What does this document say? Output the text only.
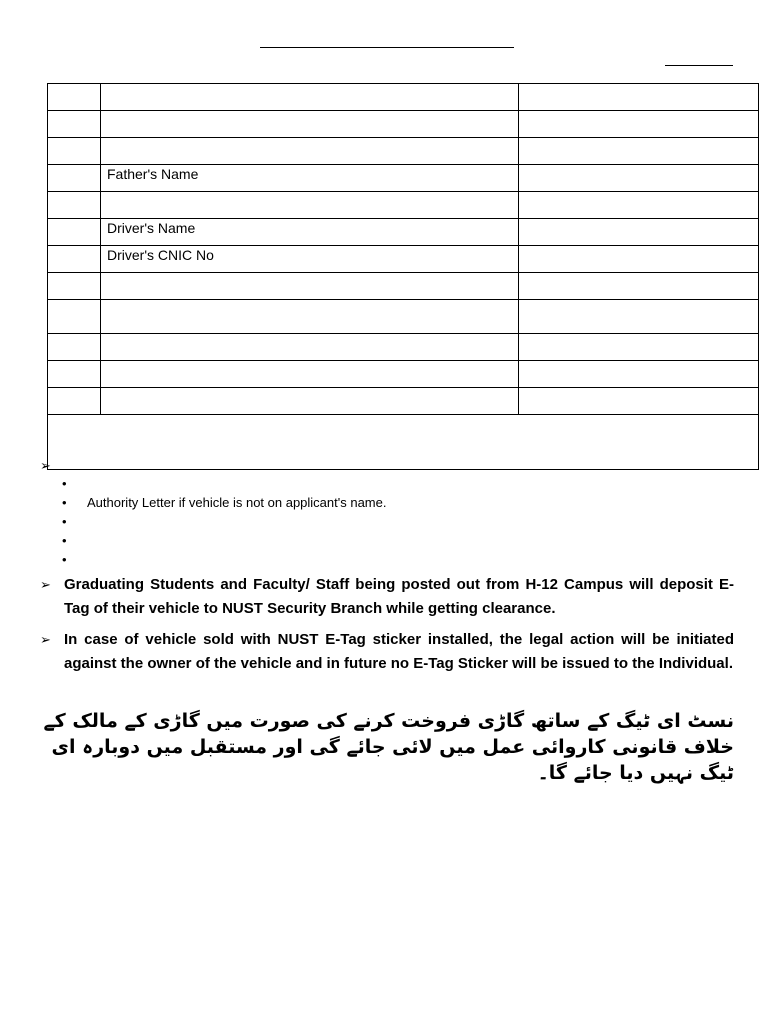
	Father's Name	

	Driver's Name	
	Driver's CNIC No	

➢
•
• Authority Letter if vehicle is not on applicant's name.
•
•
•
➢ Graduating Students and Faculty/ Staff being posted out from H-12 Campus will deposit E-Tag of their vehicle to NUST Security Branch while getting clearance.
➢ In case of vehicle sold with NUST E-Tag sticker installed, the legal action will be initiated against the owner of the vehicle and in future no E-Tag Sticker will be issued to the Individual.
نسٹ ای ٹیگ کے ساتھ گاڑی فروخت کرنے کی صورت میں گاڑی کے مالک کے خلاف قانونی کاروائی عمل میں لائی جائے گی اور مستقبل میں دوبارہ ای ٹیگ نہیں دیا جائے گا۔
